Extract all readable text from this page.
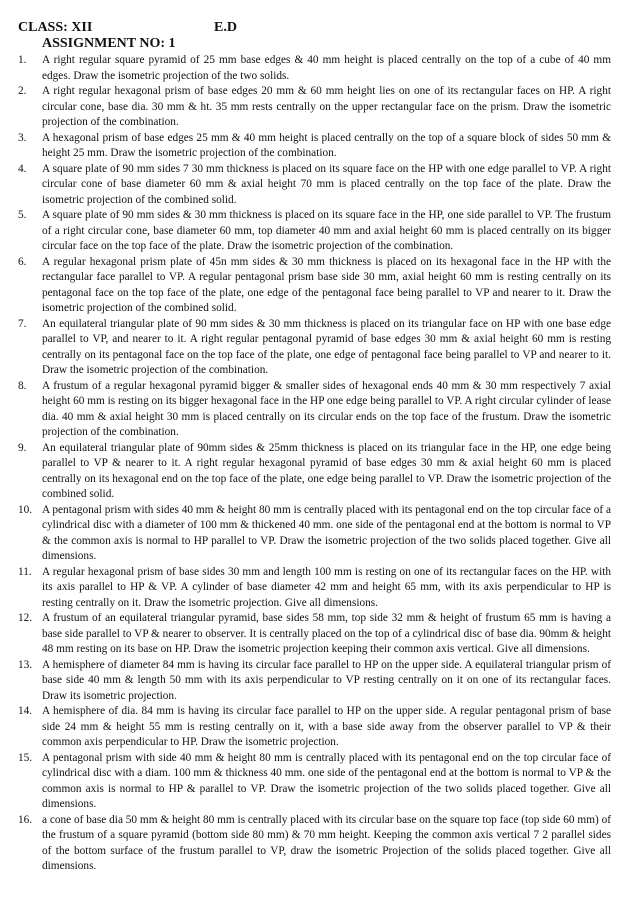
CLASS: XII	E.D
ASSIGNMENT NO: 1
1.	A right regular square pyramid of 25 mm base edges & 40 mm height is placed centrally on the top of a cube of 40 mm edges. Draw the isometric projection of the two solids.
2.	A right regular hexagonal prism of base edges 20 mm & 60 mm height lies on one of its rectangular faces on HP. A right circular cone, base dia. 30 mm & ht. 35 mm rests centrally on the upper rectangular face on the prism. Draw the isometric projection of the combination.
3.	A hexagonal prism of base edges 25 mm & 40 mm height is placed centrally on the top of a square block of sides 50 mm & height 25 mm. Draw the isometric projection of the combination.
4.	A square plate of 90 mm sides 7 30 mm thickness is placed on its square face on the HP with one edge parallel to VP. A right circular cone of base diameter 60 mm & axial height 70 mm is placed centrally on the top face of the plate. Draw the isometric projection of the combined solid.
5.	A square plate of 90 mm sides & 30 mm thickness is placed on its square face in the HP, one side parallel to VP. The frustum of a right circular cone, base diameter 60 mm, top diameter 40 mm and axial height 60 mm is placed centrally on its bigger circular face on the top face of the plate. Draw the isometric projection of the combination.
6.	A regular hexagonal prism plate of 45n mm sides & 30 mm thickness is placed on its hexagonal face in the HP with the rectangular face parallel to VP. A regular pentagonal prism base side 30 mm, axial height 60 mm is resting centrally on its pentagonal face on the top face of the plate, one edge of the pentagonal face being parallel to VP and nearer to it. Draw the isometric projection of the combined solid.
7.	An equilateral triangular plate of 90 mm sides & 30 mm thickness is placed on its triangular face on HP with one base edge parallel to VP, and nearer to it. A right regular pentagonal pyramid of base edges 30 mm & axial height 60 mm is resting centrally on its pentagonal face on the top face of the plate, one edge of pentagonal face being parallel to VP and nearer to it. Draw the isometric projection of the combination.
8.	A frustum of a regular hexagonal pyramid bigger & smaller sides of hexagonal ends 40 mm & 30 mm respectively 7 axial height 60 mm is resting on its bigger hexagonal face in the HP one edge being parallel to VP. A right circular cylinder of lease dia. 40 mm & axial height 30 mm is placed centrally on its circular ends on the top face of the frustum. Draw the isometric projection of the combination.
9.	An equilateral triangular plate of 90mm sides & 25mm thickness is placed on its triangular face in the HP, one edge being parallel to VP & nearer to it. A right regular hexagonal pyramid of base edges 30 mm & axial height 60 mm is placed centrally on its hexagonal end on the top face of the plate, one edge being parallel to VP. Draw the isometric projection of the combined solid.
10. A pentagonal prism with sides 40 mm & height 80 mm is centrally placed with its pentagonal end on the top circular face of a cylindrical disc with a diameter of 100 mm & thickened 40 mm. one side of the pentagonal end at the bottom is normal to VP & the common axis is normal to HP parallel to VP. Draw the isometric projection of the two solids placed together. Give all dimensions.
11. A regular hexagonal prism of base sides 30 mm and length 100 mm is resting on one of its rectangular faces on the HP. with its axis parallel to HP & VP. A cylinder of base diameter 42 mm and height 65 mm, with its axis perpendicular to HP is resting centrally on it. Draw the isometric projection. Give all dimensions.
12. A frustum of an equilateral triangular pyramid, base sides 58 mm, top side 32 mm & height of frustum 65 mm is having a base side parallel to VP & nearer to observer. It is centrally placed on the top of a cylindrical disc of base dia. 90mm & height 48 mm resting on its base on HP. Draw the isometric projection keeping their common axis vertical. Give all dimensions.
13. A hemisphere of diameter 84 mm is having its circular face parallel to HP on the upper side. A equilateral triangular prism of base side 40 mm & length 50 mm with its axis perpendicular to VP resting centrally on it on one of its rectangular faces. Draw its isometric projection.
14. A hemisphere of dia. 84 mm is having its circular face parallel to HP on the upper side. A regular pentagonal prism of base side 24 mm & height 55 mm is resting centrally on it, with a base side away from the observer parallel to VP & their common axis perpendicular to HP. Draw the isometric projection.
15. A pentagonal prism with side 40 mm & height 80 mm is centrally placed with its pentagonal end on the top circular face of cylindrical disc with a diam. 100 mm & thickness 40 mm. one side of the pentagonal end at the bottom is normal to VP & the common axis is normal to HP & parallel to VP. Draw the isometric projection of the two solids placed together. Give all dimensions.
16. a cone of base dia 50 mm & height 80 mm is centrally placed with its circular base on the square top face (top side 60 mm) of the frustum of a square pyramid (bottom side 80 mm) & 70 mm height. Keeping the common axis vertical 7 2 parallel sides of the bottom surface of the frustum parallel to VP, draw the isometric Projection of the solids placed together. Give all dimensions.
